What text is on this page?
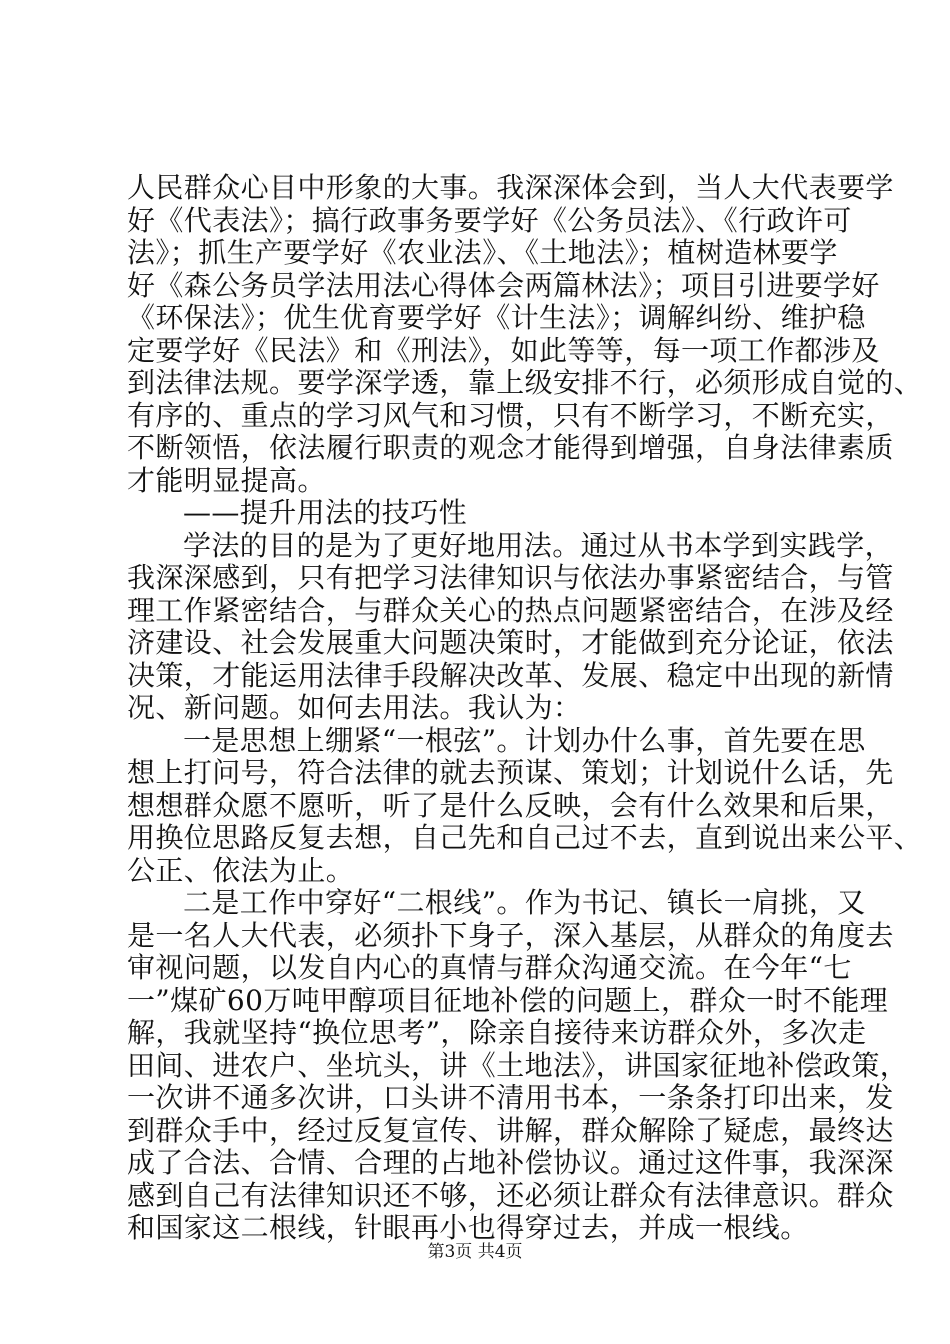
人民群众心目中形象的大事。我深深体会到，当人大代表要学
好《代表法》；搞行政事务要学好《公务员法》、《行政许可
法》；抓生产要学好《农业法》、《土地法》；植树造林要学
好《森公务员学法用法心得体会两篇林法》；项目引进要学好
《环保法》；优生优育要学好《计生法》；调解纠纷、维护稳
定要学好《民法》和《刑法》，如此等等，每一项工作都涉及
到法律法规。要学深学透，靠上级安排不行，必须形成自觉的、
有序的、重点的学习风气和习惯，只有不断学习，不断充实，
不断领悟，依法履行职责的观念才能得到增强，自身法律素质
才能明显提高。
——提升用法的技巧性
学法的目的是为了更好地用法。通过从书本学到实践学，
我深深感到，只有把学习法律知识与依法办事紧密结合，与管
理工作紧密结合，与群众关心的热点问题紧密结合，在涉及经
济建设、社会发展重大问题决策时，才能做到充分论证，依法
决策，才能运用法律手段解决改革、发展、稳定中出现的新情
况、新问题。如何去用法。我认为：
一是思想上绷紧“一根弦”。计划办什么事，首先要在思
想上打问号，符合法律的就去预谋、策划；计划说什么话，先
想想群众愿不愿听，听了是什么反映，会有什么效果和后果，
用换位思路反复去想，自己先和自己过不去，直到说出来公平、
公正、依法为止。
二是工作中穿好“二根线”。作为书记、镇长一肩挑，又
是一名人大代表，必须扑下身子，深入基层，从群众的角度去
审视问题，以发自内心的真情与群众沟通交流。在今年“七
一”煤矿60万吨甲醇项目征地补偿的问题上，群众一时不能理
解，我就坚持“换位思考”，除亲自接待来访群众外，多次走
田间、进农户、坐坑头，讲《土地法》，讲国家征地补偿政策，
一次讲不通多次讲，口头讲不清用书本，一条条打印出来，发
到群众手中，经过反复宣传、讲解，群众解除了疑虑，最终达
成了合法、合情、合理的占地补偿协议。通过这件事，我深深
感到自己有法律知识还不够，还必须让群众有法律意识。群众
和国家这二根线，针眼再小也得穿过去，并成一根线。
第3页 共4页
